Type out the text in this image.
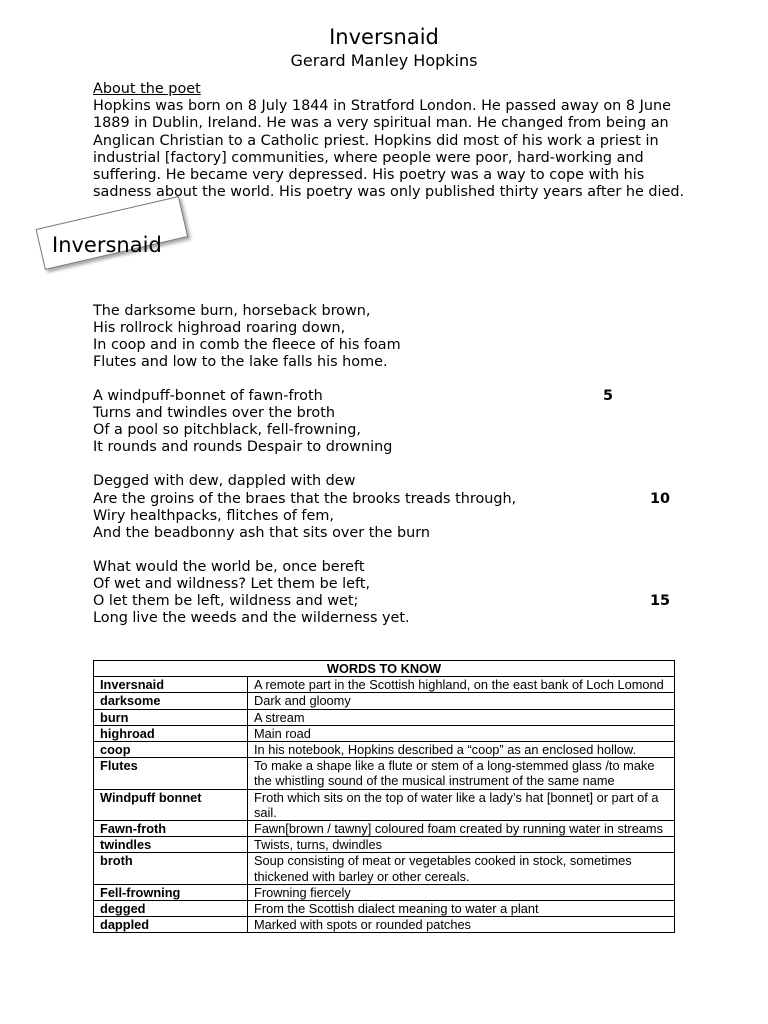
Inversnaid
Gerard Manley Hopkins
About the poet

Hopkins was born on 8 July 1844 in Stratford London. He passed away on 8 June 1889 in Dublin, Ireland. He was a very spiritual man. He changed from being an Anglican Christian to a Catholic priest. Hopkins did most of his work a priest in industrial [factory] communities, where people were poor, hard-working and suffering. He became very depressed. His poetry was a way to cope with his sadness about the world. His poetry was only published thirty years after he died.

Inversnaid
The darksome burn, horseback brown,
His rollrock highroad roaring down,
In coop and in comb the fleece of his foam
Flutes and low to the lake falls his home.
A windpuff-bonnet of fawn-froth	5
Turns and twindles over the broth
Of a pool so pitchblack, fell-frowning,
It rounds and rounds Despair to drowning
Degged with dew, dappled with dew
Are the groins of the braes that the brooks treads through,	10
Wiry healthpacks, flitches of fem,
And the beadbonny ash that sits over the burn
What would the world be, once bereft
Of wet and wildness? Let them be left,
O let them be left, wildness and wet;	15
Long live the weeds and the wilderness yet.
WORDS TO KNOW	
Inversnaid	A remote part in the Scottish highland, on the east bank of Loch Lomond
darksome	Dark and gloomy
burn	A stream
highroad	Main road
coop	In his notebook, Hopkins described a “coop” as an enclosed hollow.
Flutes	To make a shape like a flute or stem of a long-stemmed glass /to make the whistling sound of the musical instrument of the same name
Windpuff bonnet	Froth which sits on the top of water like a lady’s hat [bonnet] or part of a sail.
Fawn-froth	Fawn[brown / tawny] coloured foam created by running water in streams
twindles	Twists, turns, dwindles
broth	Soup consisting of meat or vegetables cooked in stock, sometimes thickened with barley or other cereals.
Fell-frowning	Frowning fiercely
degged	From the Scottish dialect meaning to water a plant
dappled	Marked with spots or rounded patches
